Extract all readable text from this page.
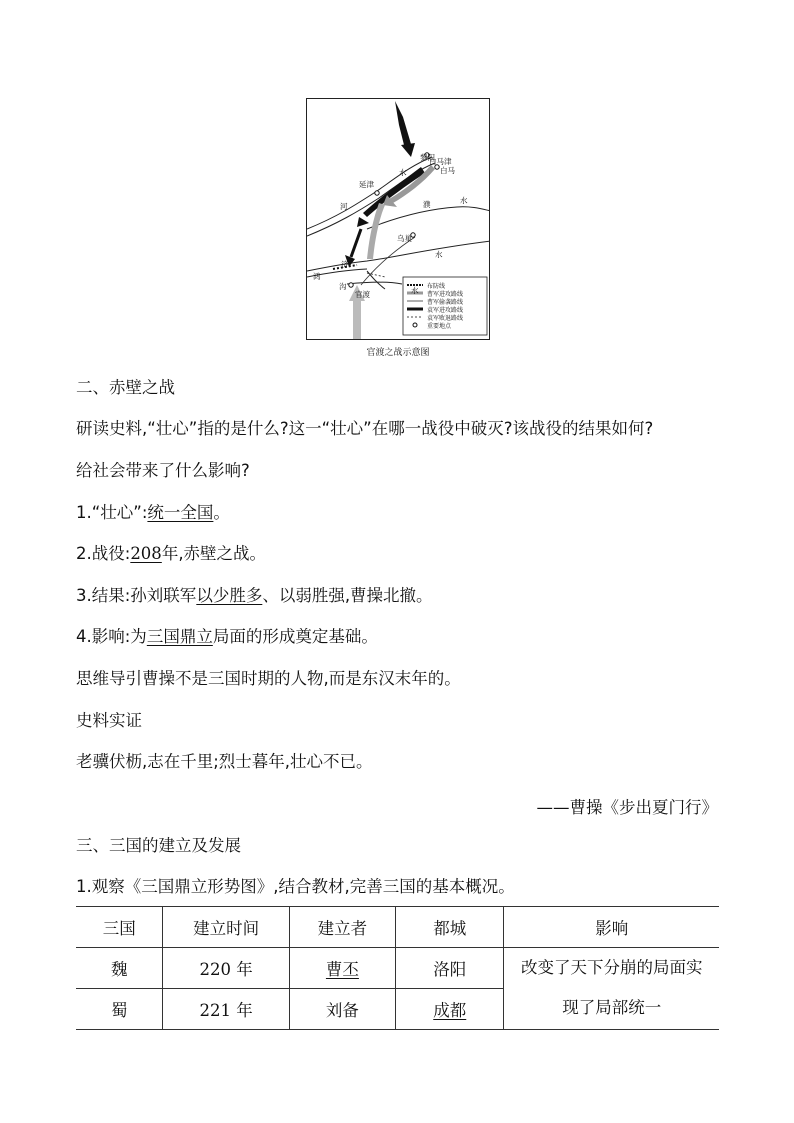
黎阳
白马津
白马
水
延津
河	濮	水
乌巢
水
济
鸿
沟
官渡	水 布防线
曹军进攻路线
曹军偷袭路线
袁军进攻路线
袁军败退路线
重要地点
官渡之战示意图
二、赤壁之战
研读史料,“壮心”指的是什么?这一“壮心”在哪一战役中破灭?该战役的结果如何?
给社会带来了什么影响?
1.“壮心”:统一全国。
2.战役:208年,赤壁之战。
3.结果:孙刘联军以少胜多、以弱胜强,曹操北撤。
4.影响:为三国鼎立局面的形成奠定基础。
思维导引曹操不是三国时期的人物,而是东汉末年的。
史料实证
老骥伏枥,志在千里;烈士暮年,壮心不已。
——曹操《步出夏门行》
三、三国的建立及发展
1.观察《三国鼎立形势图》,结合教材,完善三国的基本概况。
三国	建立时间	建立者	都城	影响
魏	220 年	曹丕	洛阳	改变了天下分崩的局面实
现了局部统一

蜀	221 年	刘备	成都	
